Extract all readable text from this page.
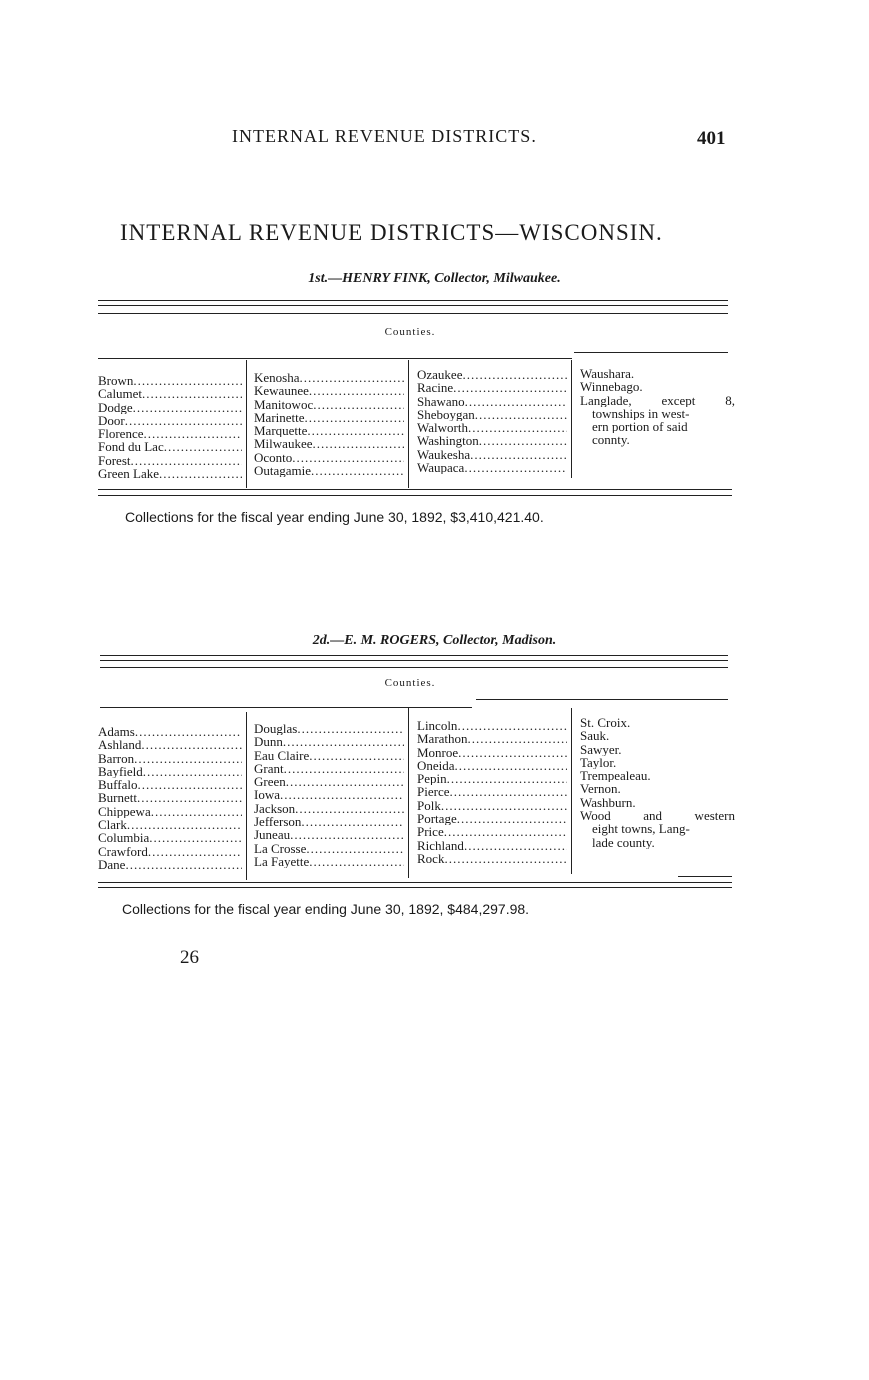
INTERNAL REVENUE DISTRICTS.	401
INTERNAL REVENUE DISTRICTS—WISCONSIN.
1st.—HENRY FINK, Collector, Milwaukee.
Counties.
Brown
.....
Calumet
.....
Dodge
.....
Door
.....
Florence
.....
Fond du Lac
.....
Forest
.....
Green Lake
.....
Kenosha
.....
Kewaunee
.....
Manitowoc
.....
Marinette
.....
Marquette
.....
Milwaukee
.....
Oconto
.....
Outagamie
.....
Ozaukee
.....
Racine
.....
Shawano
.....
Sheboygan
.....
Walworth
.....
Washington
.....
Waukesha
.....
Waupaca
.....
Waushara.
Winnebago.
Langlade, except 8,
townships in west-
ern portion of said
connty.
Collections for the fiscal year ending June 30, 1892, $3,410,421.40.
2d.—E. M. ROGERS, Collector, Madison.
Counties.
Adams
.....
Ashland
.....
Barron
.....
Bayfield
.....
Buffalo
.....
Burnett
.....
Chippewa
.....
Clark
.....
Columbia
.....
Crawford
.....
Dane
.....
Douglas
.....
Dunn
.....
Eau Claire
.....
Grant
.....
Green
.....
Iowa
.....
Jackson
.....
Jefferson
.....
Juneau
.....
La Crosse
.....
La Fayette
.....
Lincoln
.....
Marathon
.....
Monroe
.....
Oneida
.....
Pepin
.....
Pierce
.....
Polk
.....
Portage
.....
Price
.....
Richland
.....
Rock
.....
St. Croix.
Sauk.
Sawyer.
Taylor.
Trempealeau.
Vernon.
Washburn.
Wood and western
eight towns, Lang-
lade county.
Collections for the fiscal year ending June 30, 1892, $484,297.98.
26
